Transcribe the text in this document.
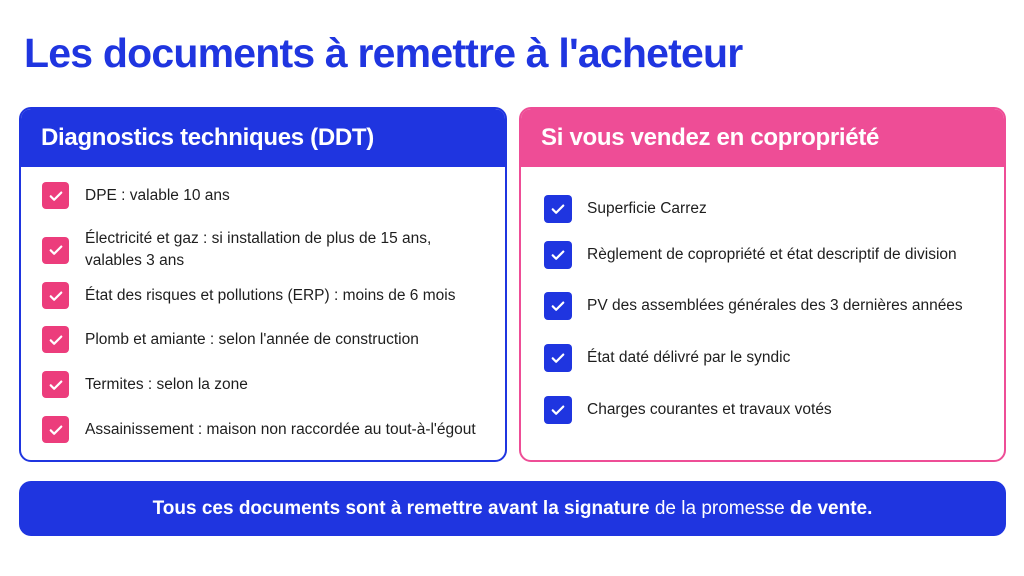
Les documents à remettre à l'acheteur
Diagnostics techniques (DDT)
DPE : valable 10 ans
Électricité et gaz : si installation de plus de 15 ans, valables 3 ans
État des risques et pollutions (ERP) : moins de 6 mois
Plomb et amiante : selon l'année de construction
Termites : selon la zone
Assainissement : maison non raccordée au tout-à-l'égout
Si vous vendez en copropriété
Superficie Carrez
Règlement de copropriété et état descriptif de division
PV des assemblées générales des 3 dernières années
État daté délivré par le syndic
Charges courantes et travaux votés
Tous ces documents sont à remettre avant la signature de la promesse de vente.
